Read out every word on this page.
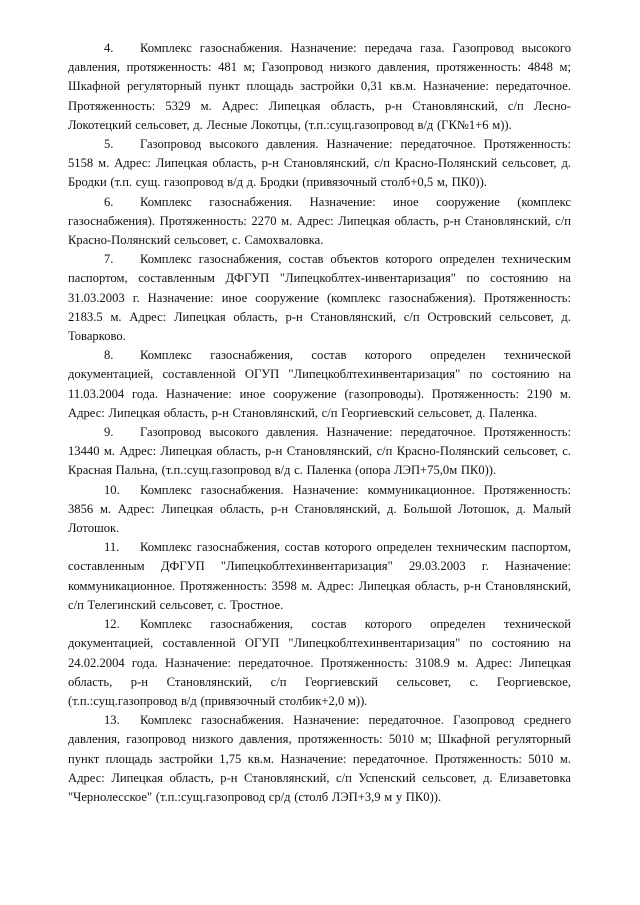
4. Комплекс газоснабжения. Назначение: передача газа. Газопровод высокого давления, протяженность: 481 м; Газопровод низкого давления, протяженность: 4848 м; Шкафной регуляторный пункт площадь застройки 0,31 кв.м. Назначение: передаточное. Протяженность: 5329 м. Адрес: Липецкая область, р-н Становлянский, с/п Лесно-Локотецкий сельсовет, д. Лесные Локотцы, (т.п.:сущ.газопровод в/д (ГК№1+6 м)).

5. Газопровод высокого давления. Назначение: передаточное. Протяженность: 5158 м. Адрес: Липецкая область, р-н Становлянский, с/п Красно-Полянский сельсовет, д. Бродки (т.п. сущ. газопровод в/д д. Бродки (привязочный столб+0,5 м, ПК0)).

6. Комплекс газоснабжения. Назначение: иное сооружение (комплекс газоснабжения). Протяженность: 2270 м. Адрес: Липецкая область, р-н Становлянский, с/п Красно-Полянский сельсовет, с. Самохваловка.

7. Комплекс газоснабжения, состав объектов которого определен техническим паспортом, составленным ДФГУП "Липецкоблтех-инвентаризация" по состоянию на 31.03.2003 г. Назначение: иное сооружение (комплекс газоснабжения). Протяженность: 2183.5 м. Адрес: Липецкая область, р-н Становлянский, с/п Островский сельсовет, д. Товарково.

8. Комплекс газоснабжения, состав которого определен технической документацией, составленной ОГУП "Липецкоблтехинвентаризация" по состоянию на 11.03.2004 года. Назначение: иное сооружение (газопроводы). Протяженность: 2190 м. Адрес: Липецкая область, р-н Становлянский, с/п Георгиевский сельсовет, д. Паленка.

9. Газопровод высокого давления. Назначение: передаточное. Протяженность: 13440 м. Адрес: Липецкая область, р-н Становлянский, с/п Красно-Полянский сельсовет, с. Красная Пальна, (т.п.:сущ.газопровод в/д с. Паленка (опора ЛЭП+75,0м ПК0)).

10. Комплекс газоснабжения. Назначение: коммуникационное. Протяженность: 3856 м. Адрес: Липецкая область, р-н Становлянский, д. Большой Лотошок, д. Малый Лотошок.

11. Комплекс газоснабжения, состав которого определен техническим паспортом, составленным ДФГУП "Липецкоблтехинвентаризация" 29.03.2003 г. Назначение: коммуникационное. Протяженность: 3598 м. Адрес: Липецкая область, р-н Становлянский, с/п Телегинский сельсовет, с. Тростное.

12. Комплекс газоснабжения, состав которого определен технической документацией, составленной ОГУП "Липецкоблтехинвентаризация" по состоянию на 24.02.2004 года. Назначение: передаточное. Протяженность: 3108.9 м. Адрес: Липецкая область, р-н Становлянский, с/п Георгиевский сельсовет, с. Георгиевское, (т.п.:сущ.газопровод в/д (привязочный столбик+2,0 м)).

13. Комплекс газоснабжения. Назначение: передаточное. Газопровод среднего давления, газопровод низкого давления, протяженность: 5010 м; Шкафной регуляторный пункт площадь застройки 1,75 кв.м. Назначение: передаточное. Протяженность: 5010 м. Адрес: Липецкая область, р-н Становлянский, с/п Успенский сельсовет, д. Елизаветовка "Чернолесское" (т.п.:сущ.газопровод ср/д (столб ЛЭП+3,9 м у ПК0)).
